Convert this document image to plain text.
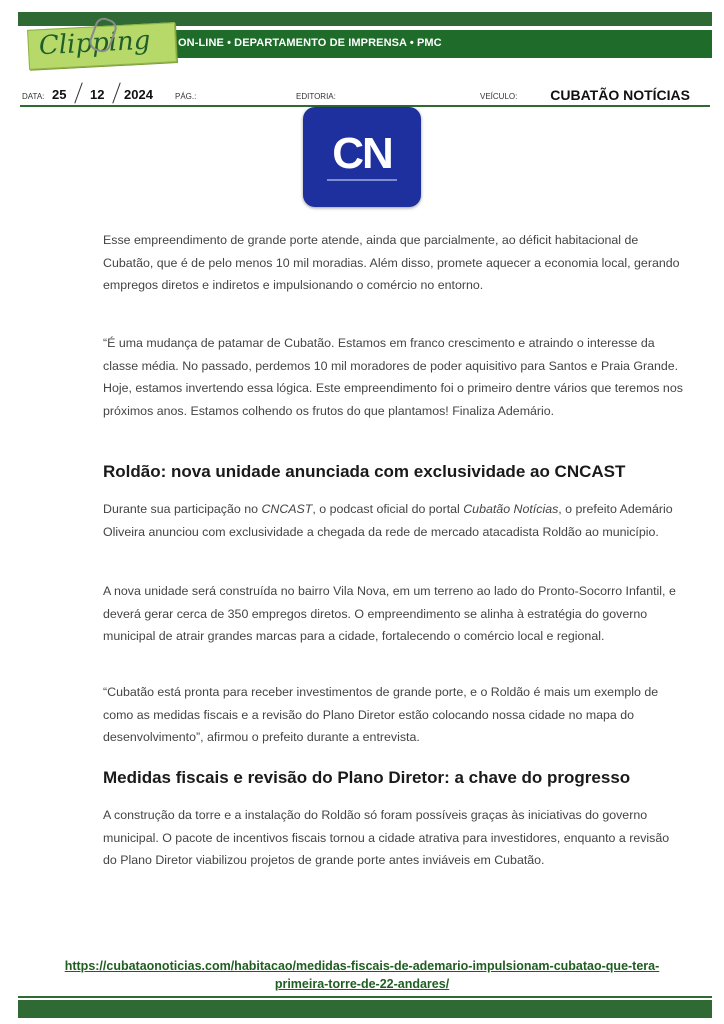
Clipping ON-LINE • DEPARTAMENTO DE IMPRENSA • PMC
DATA: 25 12 2024	PÁG.:	EDITORIA:	VEÍCULO: CUBATÃO NOTÍCIAS
CN

Esse empreendimento de grande porte atende, ainda que parcialmente, ao déficit habitacional de Cubatão, que é de pelo menos 10 mil moradias. Além disso, promete aquecer a economia local, gerando empregos diretos e indiretos e impulsionando o comércio no entorno.

“É uma mudança de patamar de Cubatão. Estamos em franco crescimento e atraindo o interesse da classe média. No passado, perdemos 10 mil moradores de poder aquisitivo para Santos e Praia Grande. Hoje, estamos invertendo essa lógica. Este empreendimento foi o primeiro dentre vários que teremos nos próximos anos. Estamos colhendo os frutos do que plantamos! Finaliza Ademário.

Roldão: nova unidade anunciada com exclusividade ao CNCAST

Durante sua participação no CNCAST, o podcast oficial do portal Cubatão Notícias, o prefeito Ademário Oliveira anunciou com exclusividade a chegada da rede de mercado atacadista Roldão ao município.

A nova unidade será construída no bairro Vila Nova, em um terreno ao lado do Pronto-Socorro Infantil, e deverá gerar cerca de 350 empregos diretos. O empreendimento se alinha à estratégia do governo municipal de atrair grandes marcas para a cidade, fortalecendo o comércio local e regional.

“Cubatão está pronta para receber investimentos de grande porte, e o Roldão é mais um exemplo de como as medidas fiscais e a revisão do Plano Diretor estão colocando nossa cidade no mapa do desenvolvimento”, afirmou o prefeito durante a entrevista.

Medidas fiscais e revisão do Plano Diretor: a chave do progresso

A construção da torre e a instalação do Roldão só foram possíveis graças às iniciativas do governo municipal. O pacote de incentivos fiscais tornou a cidade atrativa para investidores, enquanto a revisão do Plano Diretor viabilizou projetos de grande porte antes inviáveis em Cubatão.

https://cubataonoticias.com/habitacao/medidas-fiscais-de-ademario-impulsionam-cubatao-que-tera-primeira-torre-de-22-andares/
